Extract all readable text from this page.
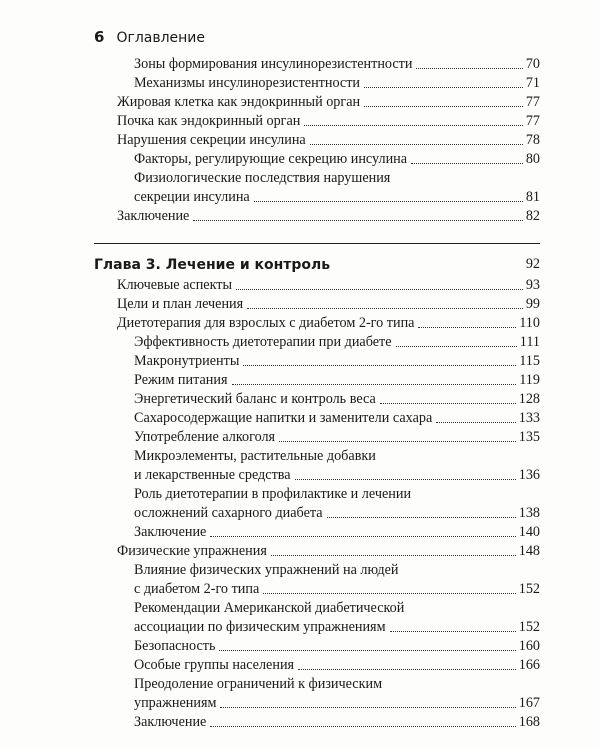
6 Оглавление
Зоны формирования инсулинорезистентности	70
Механизмы инсулинорезистентности	71
Жировая клетка как эндокринный орган	77
Почка как эндокринный орган	77
Нарушения секреции инсулина	78
Факторы, регулирующие секрецию инсулина	80
Физиологические последствия нарушения
секреции инсулина	81
Заключение	82
Глава 3. Лечение и контроль	92
Ключевые аспекты	93
Цели и план лечения	99
Диетотерапия для взрослых с диабетом 2-го типа	110
Эффективность диетотерапии при диабете	111
Макронутриенты	115
Режим питания	119
Энергетический баланс и контроль веса	128
Сахаросодержащие напитки и заменители сахара	133
Употребление алкоголя	135
Микроэлементы, растительные добавки
и лекарственные средства	136
Роль диетотерапии в профилактике и лечении
осложнений сахарного диабета	138
Заключение	140
Физические упражнения	148
Влияние физических упражнений на людей
с диабетом 2-го типа	152
Рекомендации Американской диабетической
ассоциации по физическим упражнениям	152
Безопасность	160
Особые группы населения	166
Преодоление ограничений к физическим
упражнениям	167
Заключение	168
